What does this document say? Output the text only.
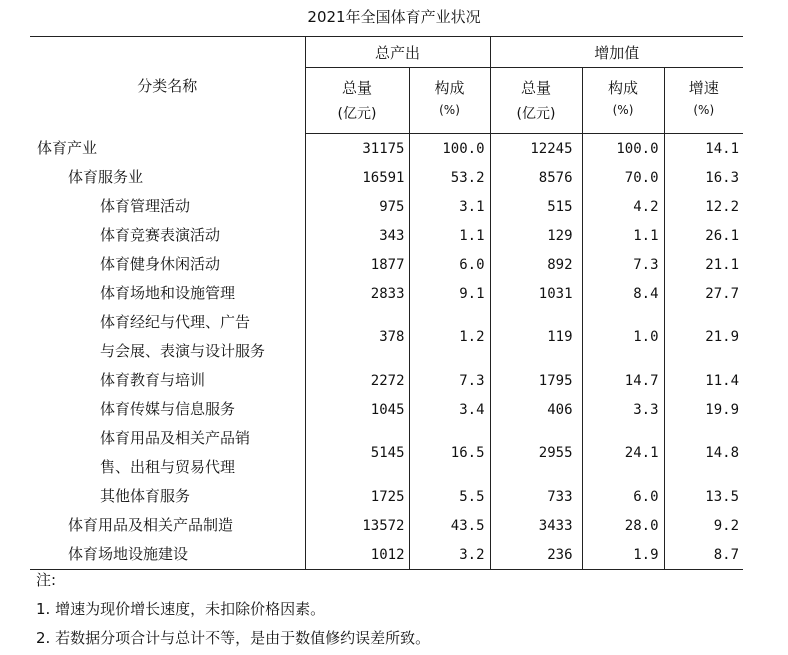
2021年全国体育产业状况
分类名称	总产出		增加值		
	总量	构成	总量	构成	增速
	(亿元)	(%)	(亿元)	(%)	(%)

体育产业	31175	100.0	12245	100.0	14.1

体育服务业	16591	53.2	8576	70.0	16.3

体育管理活动	975	3.1	515	4.2	12.2

体育竞赛表演活动	343	1.1	129	1.1	26.1

体育健身休闲活动	1877	6.0	892	7.3	21.1

体育场地和设施管理	2833	9.1	1031	8.4	27.7

体育经纪与代理、广告
与会展、表演与设计服务	378	1.2	119	1.0	21.9

体育教育与培训	2272	7.3	1795	14.7	11.4

体育传媒与信息服务	1045	3.4	406	3.3	19.9

体育用品及相关产品销
售、出租与贸易代理	5145	16.5	2955	24.1	14.8

其他体育服务	1725	5.5	733	6.0	13.5

体育用品及相关产品制造	13572	43.5	3433	28.0	9.2

体育场地设施建设	1012	3.2	236	1.9	8.7
注:
1. 增速为现价增长速度，未扣除价格因素。
2. 若数据分项合计与总计不等，是由于数值修约误差所致。
